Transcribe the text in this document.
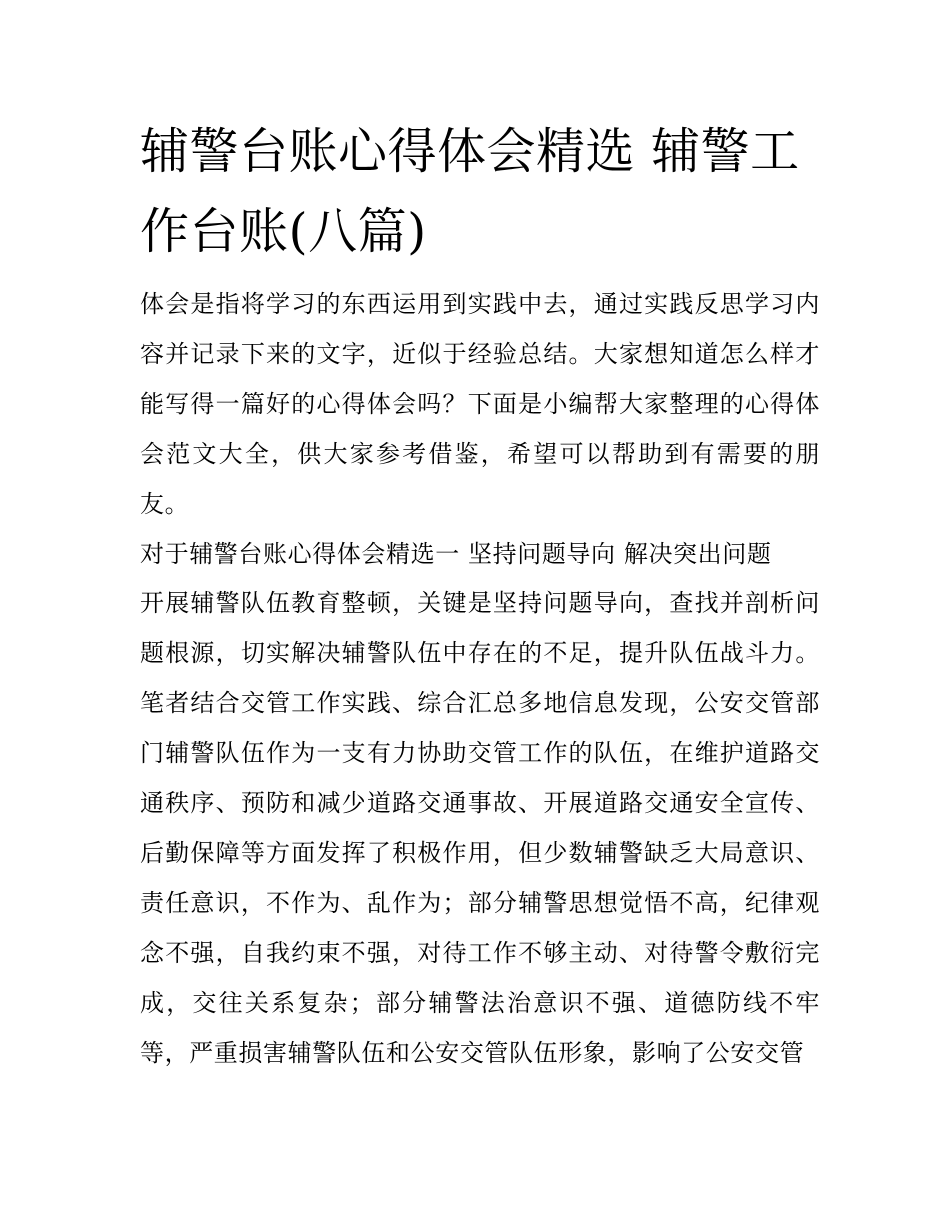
辅警台账心得体会精选 辅警工作台账(八篇)

体会是指将学习的东西运用到实践中去，通过实践反思学习内容并记录下来的文字，近似于经验总结。大家想知道怎么样才能写得一篇好的心得体会吗？下面是小编帮大家整理的心得体会范文大全，供大家参考借鉴，希望可以帮助到有需要的朋友。

对于辅警台账心得体会精选一 坚持问题导向 解决突出问题

开展辅警队伍教育整顿，关键是坚持问题导向，查找并剖析问题根源，切实解决辅警队伍中存在的不足，提升队伍战斗力。笔者结合交管工作实践、综合汇总多地信息发现，公安交管部门辅警队伍作为一支有力协助交管工作的队伍，在维护道路交通秩序、预防和减少道路交通事故、开展道路交通安全宣传、后勤保障等方面发挥了积极作用，但少数辅警缺乏大局意识、责任意识，不作为、乱作为；部分辅警思想觉悟不高，纪律观念不强，自我约束不强，对待工作不够主动、对待警令敷衍完成，交往关系复杂；部分辅警法治意识不强、道德防线不牢等，严重损害辅警队伍和公安交管队伍形象，影响了公安交管
